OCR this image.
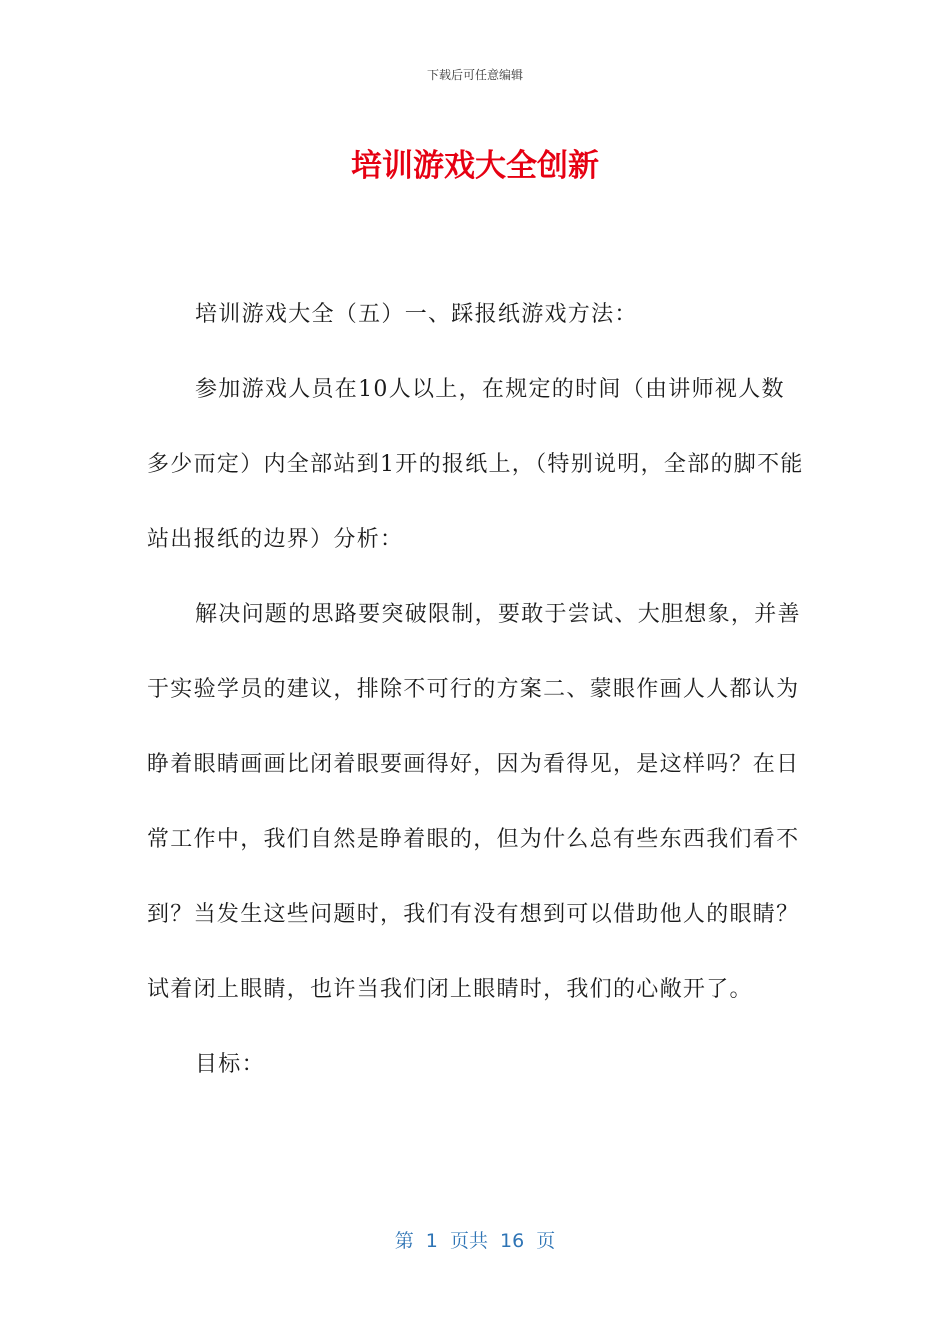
下载后可任意编辑
培训游戏大全创新

培训游戏大全（五）一、踩报纸游戏方法：

参加游戏人员在10人以上，在规定的时间（由讲师视人数多少而定）内全部站到1开的报纸上，（特别说明，全部的脚不能站出报纸的边界）分析：

解决问题的思路要突破限制，要敢于尝试、大胆想象，并善于实验学员的建议，排除不可行的方案二、蒙眼作画人人都认为睁着眼睛画画比闭着眼要画得好，因为看得见，是这样吗？在日常工作中，我们自然是睁着眼的，但为什么总有些东西我们看不到？当发生这些问题时，我们有没有想到可以借助他人的眼睛？试着闭上眼睛，也许当我们闭上眼睛时，我们的心敞开了。

目标：

第  1  页共  16  页
